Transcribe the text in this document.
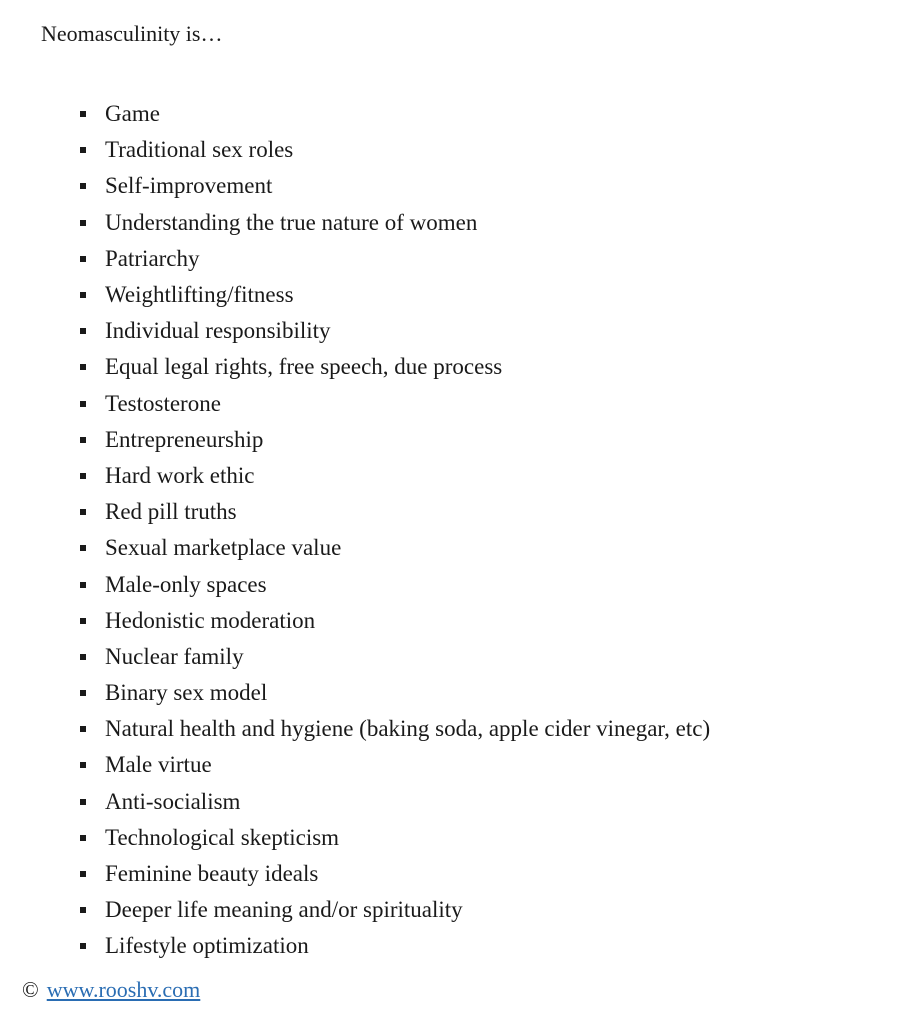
Neomasculinity is…

Game
Traditional sex roles
Self-improvement
Understanding the true nature of women
Patriarchy
Weightlifting/fitness
Individual responsibility
Equal legal rights, free speech, due process
Testosterone
Entrepreneurship
Hard work ethic
Red pill truths
Sexual marketplace value
Male-only spaces
Hedonistic moderation
Nuclear family
Binary sex model
Natural health and hygiene (baking soda, apple cider vinegar, etc)
Male virtue
Anti-socialism
Technological skepticism
Feminine beauty ideals
Deeper life meaning and/or spirituality
Lifestyle optimization
© www.rooshv.com
